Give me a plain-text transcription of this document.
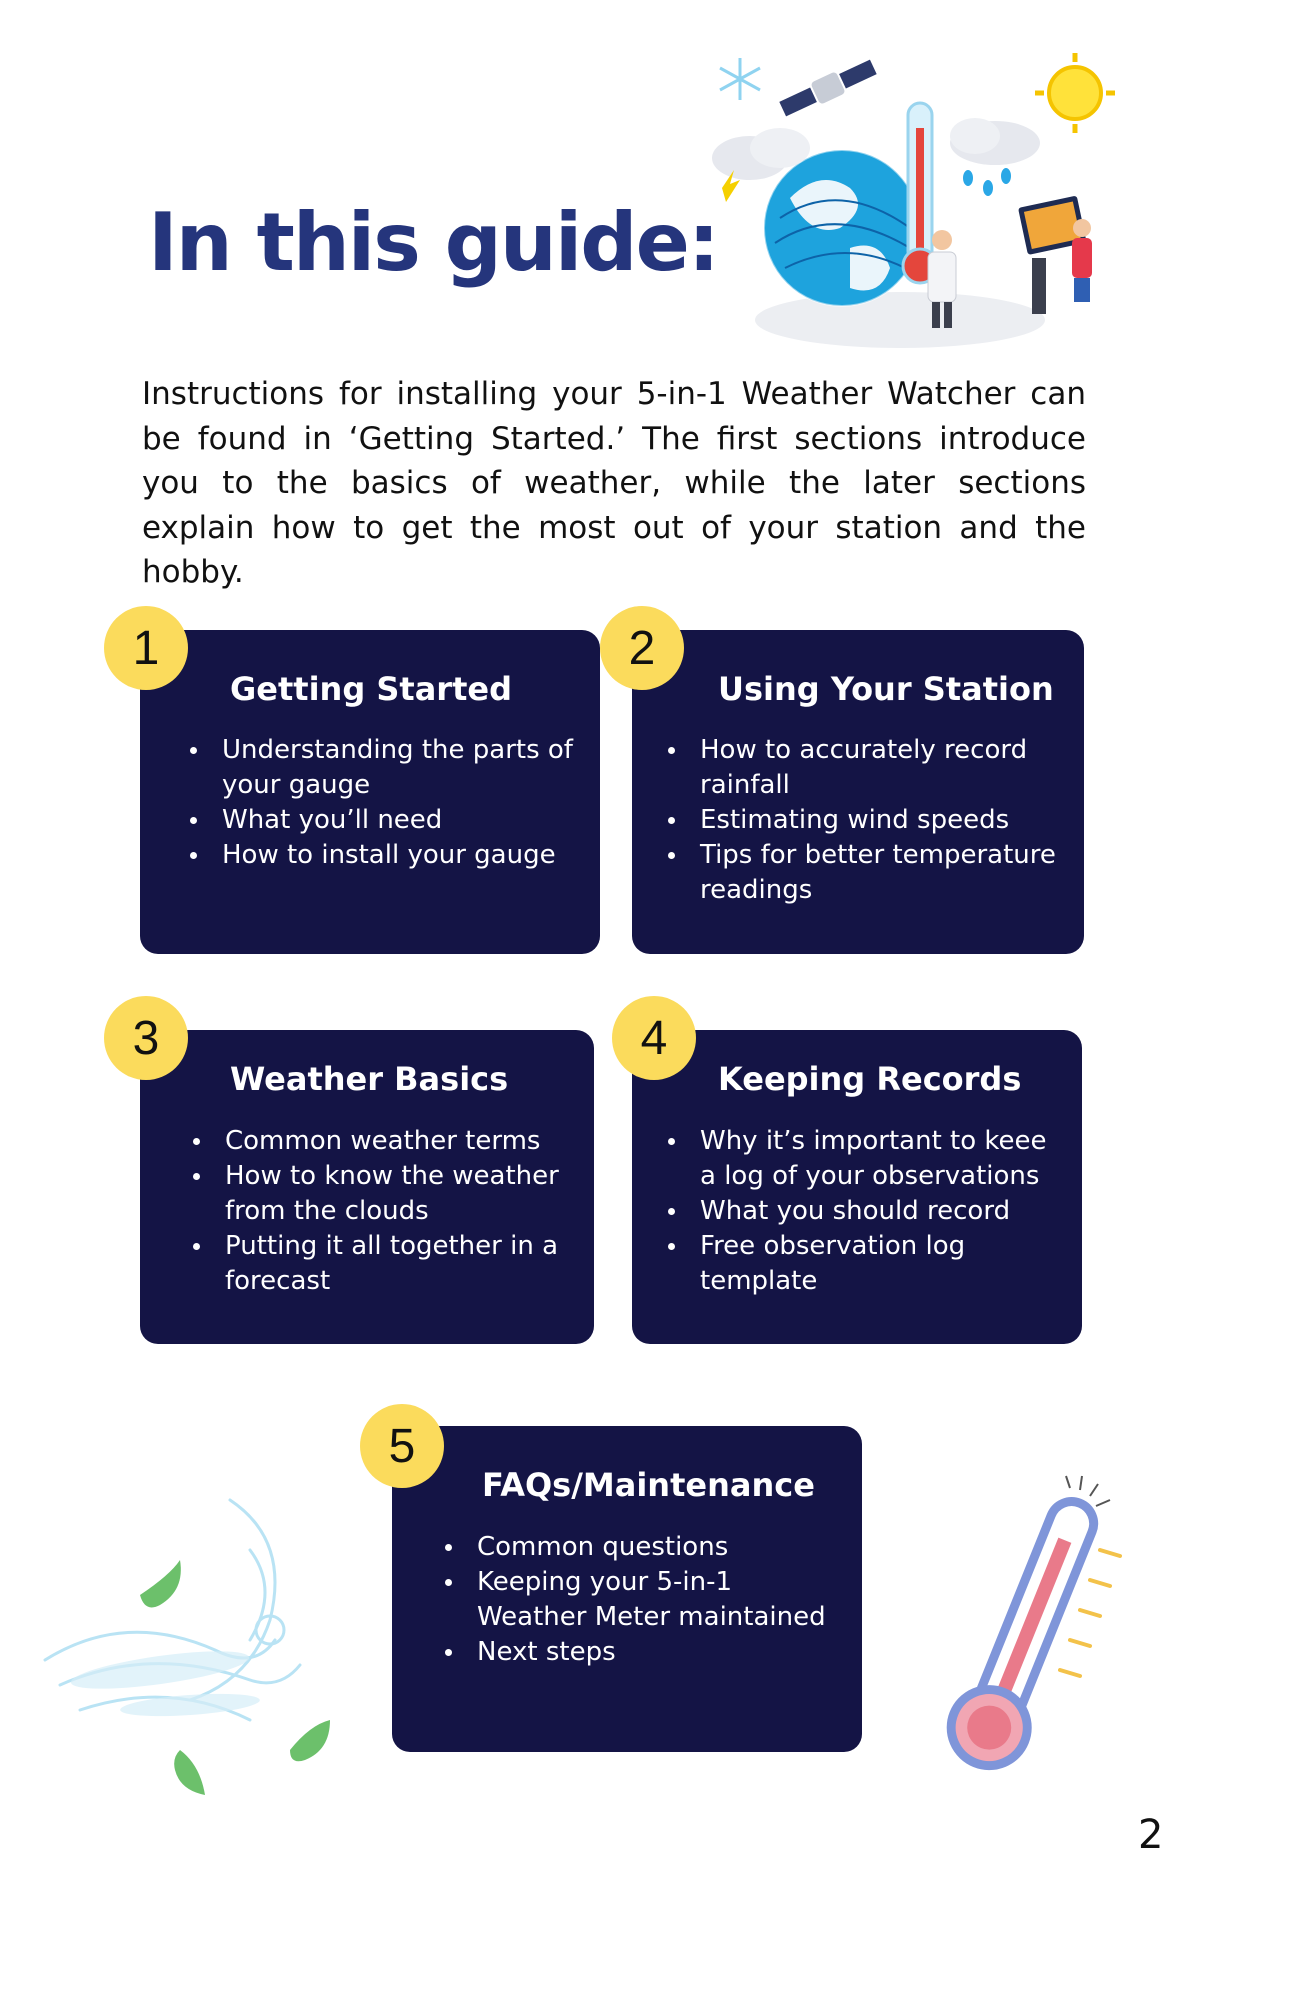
In this guide:

Instructions for installing your 5-in-1 Weather Watcher can be found in ‘Getting Started.’ The first sections introduce you to the basics of weather, while the later sections explain how to get the most out of your station and the hobby.

Getting Started
Understanding the parts of your gauge
What you’ll need
How to install your gauge
1
Using Your Station
How to accurately record rainfall
Estimating wind speeds
Tips for better temperature readings
2
Weather Basics
Common weather terms
How to know the weather from the clouds
Putting it all together in a forecast
3
Keeping Records
Why it’s important to keee a log of your observations
What you should record
Free observation log template
4
FAQs/Maintenance
Common questions
Keeping your 5-in-1 Weather Meter maintained
Next steps
5
2
